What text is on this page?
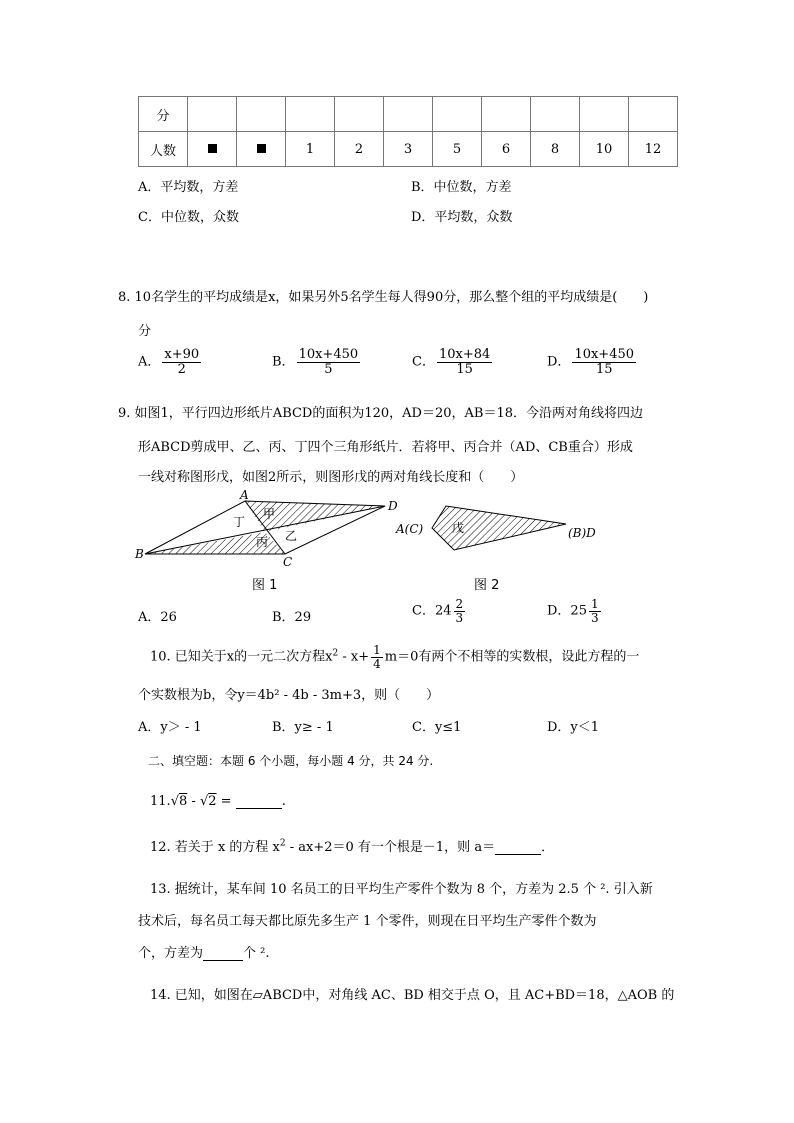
分										
人数			1	2	3	5	6	8	10	12
A．平均数，方差	B．中位数，方差
C．中位数，众数	D．平均数，众数
8. 10名学生的平均成绩是x，如果另外5名学生每人得90分，那么整个组的平均成绩是(　　)
分
A． $\frac{x+90}{2}$	B． $\frac{10x+450}{5}$	C． $\frac{10x+84}{15}$	D． $\frac{10x+450}{15}$
9. 如图1，平行四边形纸片ABCD的面积为120，AD＝20，AB＝18．今沿两对角线将四边
形ABCD剪成甲、乙、丙、丁四个三角形纸片．若将甲、丙合并（AD、CB重合）形成
一线对称图形戊，如图2所示，则图形戊的两对角线长度和（　　）
A
B
C
D
甲
丁
乙
丙
图 1
A(C)	(B)D
戊
图 2
A．26	B．29	C．$24 \frac{2}{3}$	D．$25 \frac{1}{3}$
10. 已知关于x的一元二次方程$x^2 - x+ \frac{1}{4} m=0$有两个不相等的实数根，设此方程的一
个实数根为b，令y＝4b² - 4b - 3m+3，则（　　）
A．y＞ - 1	B．y≥ - 1	C．y≤1	D．y＜1
二、填空题：本题 6 个小题，每小题 4 分，共 24 分.
11.√8 - √2 =	.
12. 若关于 x 的方程 $x^2 - ax+2=0$ 有一个根是－1，则 a＝	．
13. 据统计，某车间 10 名员工的日平均生产零件个数为 8 个，方差为 2.5 个 ². 引入新
技术后，每名员工每天都比原先多生产 1 个零件，则现在日平均生产零件个数为
个，方差为	个 ².
14. 已知，如图在▱ABCD中，对角线 AC、BD 相交于点 O，且 AC+BD＝18，△AOB 的
